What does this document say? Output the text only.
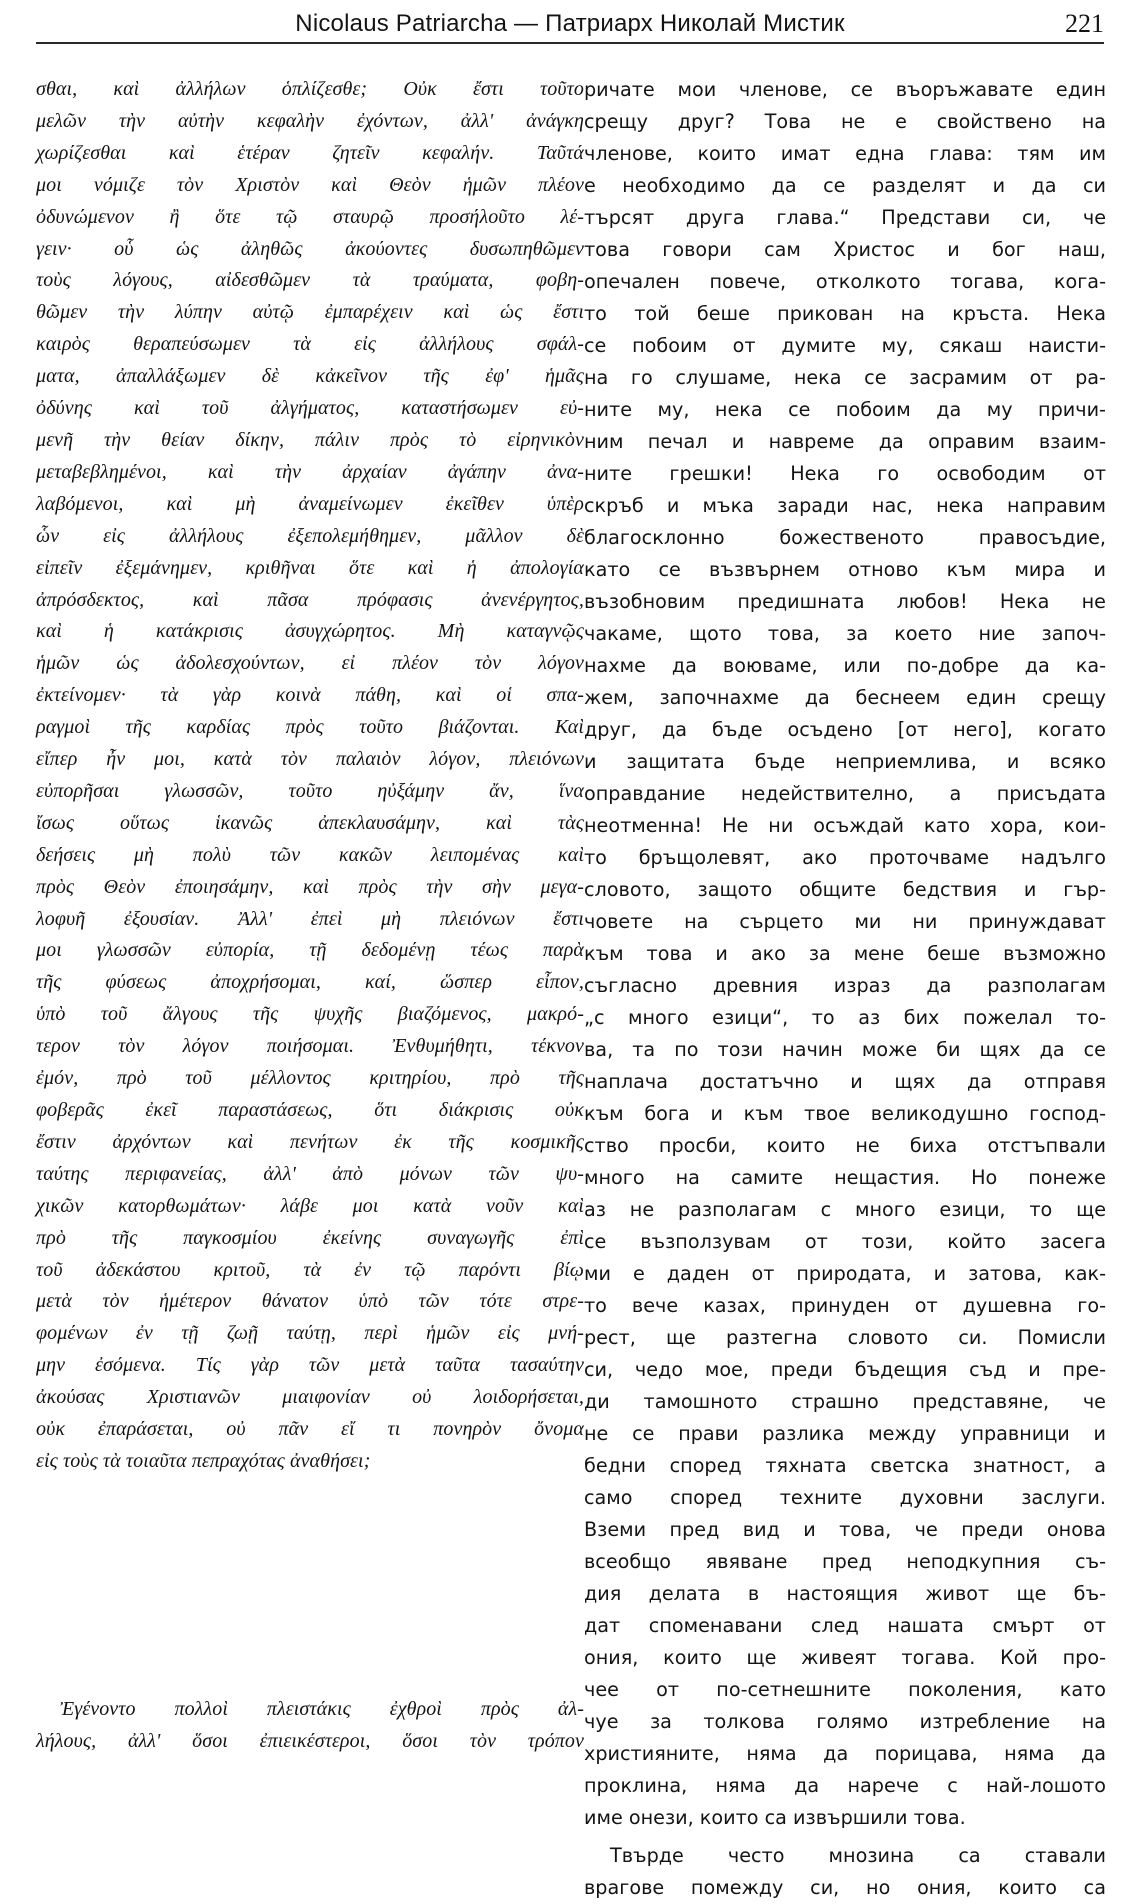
Nicolaus Patriarcha — Патриарх Николай Мистик	221
σθαι, καὶ ἀλλήλων ὁπλίζεσθε; Οὐκ ἔστι τοῦτο
μελῶν τὴν αὐτὴν κεφαλὴν ἐχόντων, ἀλλ' ἀνάγκη
χωρίζεσθαι καὶ ἑτέραν ζητεῖν κεφαλήν. Ταῦτά
μοι νόμιζε τὸν Χριστὸν καὶ Θεὸν ἡμῶν πλέον
ὀδυνώμενον ἢ ὅτε τῷ σταυρῷ προσήλοῦτο λέ-
γειν· οὗ ὡς ἀληθῶς ἀκούοντες δυσωπηθῶμεν
τοὺς λόγους, αἰδεσθῶμεν τὰ τραύματα, φοβη-
θῶμεν τὴν λύπην αὐτῷ ἐμπαρέχειν καὶ ὡς ἔστι
καιρὸς θεραπεύσωμεν τὰ εἰς ἀλλήλους σφάλ-
ματα, ἀπαλλάξωμεν δὲ κἀκεῖνον τῆς ἐφ' ἡμᾶς
ὀδύνης καὶ τοῦ ἀλγήματος, καταστήσωμεν εὐ-
μενῆ τὴν θείαν δίκην, πάλιν πρὸς τὸ εἰρηνικὸν
μεταβεβλημένοι, καὶ τὴν ἀρχαίαν ἀγάπην ἀνα-
λαβόμενοι, καὶ μὴ ἀναμείνωμεν ἐκεῖθεν ὑπὲρ
ὧν εἰς ἀλλήλους ἐξεπολεμήθημεν, μᾶλλον δὲ
εἰπεῖν ἐξεμάνημεν, κριθῆναι ὅτε καὶ ἡ ἀπολογία
ἀπρόσδεκτος, καὶ πᾶσα πρόφασις ἀνενέργητος,
καὶ ἡ κατάκρισις ἀσυγχώρητος. Μὴ καταγνῷς
ἡμῶν ὡς ἀδολεσχούντων, εἰ πλέον τὸν λόγον
ἐκτείνομεν· τὰ γὰρ κοινὰ πάθη, καὶ οἱ σπα-
ραγμοὶ τῆς καρδίας πρὸς τοῦτο βιάζονται. Καὶ
εἴπερ ἦν μοι, κατὰ τὸν παλαιὸν λόγον, πλειόνων
εὐπορῆσαι γλωσσῶν, τοῦτο ηὐξάμην ἄν, ἵνα
ἴσως οὕτως ἱκανῶς ἀπεκλαυσάμην, καὶ τὰς
δεήσεις μὴ πολὺ τῶν κακῶν λειπομένας καὶ
πρὸς Θεὸν ἐποιησάμην, καὶ πρὸς τὴν σὴν μεγα-
λοφυῆ ἐξουσίαν. Ἀλλ' ἐπεὶ μὴ πλειόνων ἔστι
μοι γλωσσῶν εὐπορία, τῇ δεδομένῃ τέως παρὰ
τῆς φύσεως ἀποχρήσομαι, καί, ὥσπερ εἶπον,
ὑπὸ τοῦ ἄλγους τῆς ψυχῆς βιαζόμενος, μακρό-
τερον τὸν λόγον ποιήσομαι. Ἐνθυμήθητι, τέκνον
ἐμόν, πρὸ τοῦ μέλλοντος κριτηρίου, πρὸ τῆς
φοβερᾶς ἐκεῖ παραστάσεως, ὅτι διάκρισις οὐκ
ἔστιν ἀρχόντων καὶ πενήτων ἐκ τῆς κοσμικῆς
ταύτης περιφανείας, ἀλλ' ἀπὸ μόνων τῶν ψυ-
χικῶν κατορθωμάτων· λάβε μοι κατὰ νοῦν καὶ
πρὸ τῆς παγκοσμίου ἐκείνης συναγωγῆς ἐπὶ
τοῦ ἀδεκάστου κριτοῦ, τὰ ἐν τῷ παρόντι βίῳ
μετὰ τὸν ἡμέτερον θάνατον ὑπὸ τῶν τότε στρε-
φομένων ἐν τῇ ζωῇ ταύτῃ, περὶ ἡμῶν εἰς μνή-
μην ἐσόμενα. Τίς γὰρ τῶν μετὰ ταῦτα τασαύτην
ἀκούσας Χριστιανῶν μιαιφονίαν οὐ λοιδορήσεται,
οὐκ ἐπαράσεται, οὐ πᾶν εἴ τι πονηρὸν ὄνομα
εἰς τοὺς τὰ τοιαῦτα πεπραχότας ἀναθήσει;
Ἐγένοντο πολλοὶ πλειστάκις ἐχθροὶ πρὸς ἀλ-
λήλους, ἀλλ' ὅσοι ἐπιεικέστεροι, ὅσοι τὸν τρόπον
ричате мои членове, се въоръжавате един
срещу друг? Това не е свойствено на
членове, които имат една глава: тям им
е необходимо да се разделят и да си
търсят друга глава.“ Представи си, че
това говори сам Христос и бог наш,
опечален повече, отколкото тогава, кога-
то той беше прикован на кръста. Нека
се побоим от думите му, сякаш наисти-
на го слушаме, нека се засрамим от ра-
ните му, нека се побоим да му причи-
ним печал и навреме да оправим взаим-
ните грешки! Нека го освободим от
скръб и мъка заради нас, нека направим
благосклонно божественото правосъдие,
като се възвърнем отново към мира и
възобновим предишната любов! Нека не
чакаме, щото това, за което ние започ-
нахме да воюваме, или по-добре да ка-
жем, започнахме да беснеем един срещу
друг, да бъде осъдено [от него], когато
и защитата бъде неприемлива, и всяко
оправдание недействително, а присъдата
неотменна! Не ни осъждай като хора, кои-
то бръщолевят, ако проточваме надълго
словото, защото общите бедствия и гър-
човете на сърцето ми ни принуждават
към това и ако за мене беше възможно
съгласно древния израз да разполагам
„с много езици“, то аз бих пожелал то-
ва, та по този начин може би щях да се
наплача достатъчно и щях да отправя
към бога и към твое великодушно господ-
ство просби, които не биха отстъпвали
много на самите нещастия. Но понеже
аз не разполагам с много езици, то ще
се възползувам от този, който засега
ми е даден от природата, и затова, как-
то вече казах, принуден от душевна го-
рест, ще разтегна словото си. Помисли
си, чедо мое, преди бъдещия съд и пре-
ди тамошното страшно представяне, че
не се прави разлика между управници и
бедни според тяхната светска знатност, а
само според техните духовни заслуги.
Вземи пред вид и това, че преди онова
всеобщо явяване пред неподкупния съ-
дия делата в настоящия живот ще бъ-
дат споменавани след нашата смърт от
ония, които ще живеят тогава. Кой про-
чее от по-сетнешните поколения, като
чуе за толкова голямо изтребление на
християните, няма да порицава, няма да
проклина, няма да нарече с най-лошото
име онези, които са извършили това.
Твърде често мнозина са ставали
врагове помежду си, но ония, които са
